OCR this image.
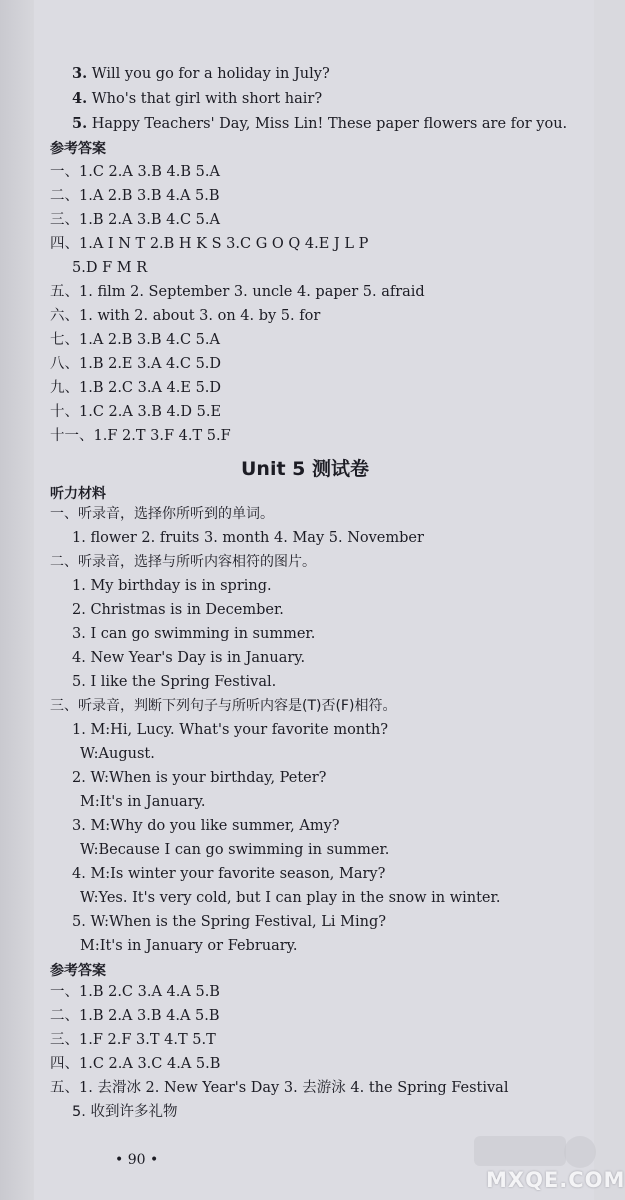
3. Will you go for a holiday in July?
4. Who's that girl with short hair?
5. Happy Teachers' Day, Miss Lin! These paper flowers are for you.
参考答案
一、1.C 2.A 3.B 4.B 5.A
二、1.A 2.B 3.B 4.A 5.B
三、1.B 2.A 3.B 4.C 5.A
四、1.A I N T 2.B H K S 3.C G O Q 4.E J L P
5.D F M R
五、1. film 2. September 3. uncle 4. paper 5. afraid
六、1. with 2. about 3. on 4. by 5. for
七、1.A 2.B 3.B 4.C 5.A
八、1.B 2.E 3.A 4.C 5.D
九、1.B 2.C 3.A 4.E 5.D
十、1.C 2.A 3.B 4.D 5.E
十一、1.F 2.T 3.F 4.T 5.F
Unit 5 测试卷
听力材料
一、听录音，选择你所听到的单词。
1. flower 2. fruits 3. month 4. May 5. November
二、听录音，选择与所听内容相符的图片。
1. My birthday is in spring.
2. Christmas is in December.
3. I can go swimming in summer.
4. New Year's Day is in January.
5. I like the Spring Festival.
三、听录音，判断下列句子与所听内容是(T)否(F)相符。
1. M:Hi, Lucy. What's your favorite month?
W:August.
2. W:When is your birthday, Peter?
M:It's in January.
3. M:Why do you like summer, Amy?
W:Because I can go swimming in summer.
4. M:Is winter your favorite season, Mary?
W:Yes. It's very cold, but I can play in the snow in winter.
5. W:When is the Spring Festival, Li Ming?
M:It's in January or February.
参考答案
一、1.B 2.C 3.A 4.A 5.B
二、1.B 2.A 3.B 4.A 5.B
三、1.F 2.F 3.T 4.T 5.T
四、1.C 2.A 3.C 4.A 5.B
五、1. 去滑冰 2. New Year's Day 3. 去游泳 4. the Spring Festival
5. 收到许多礼物
• 90 •
MXQE.COM
